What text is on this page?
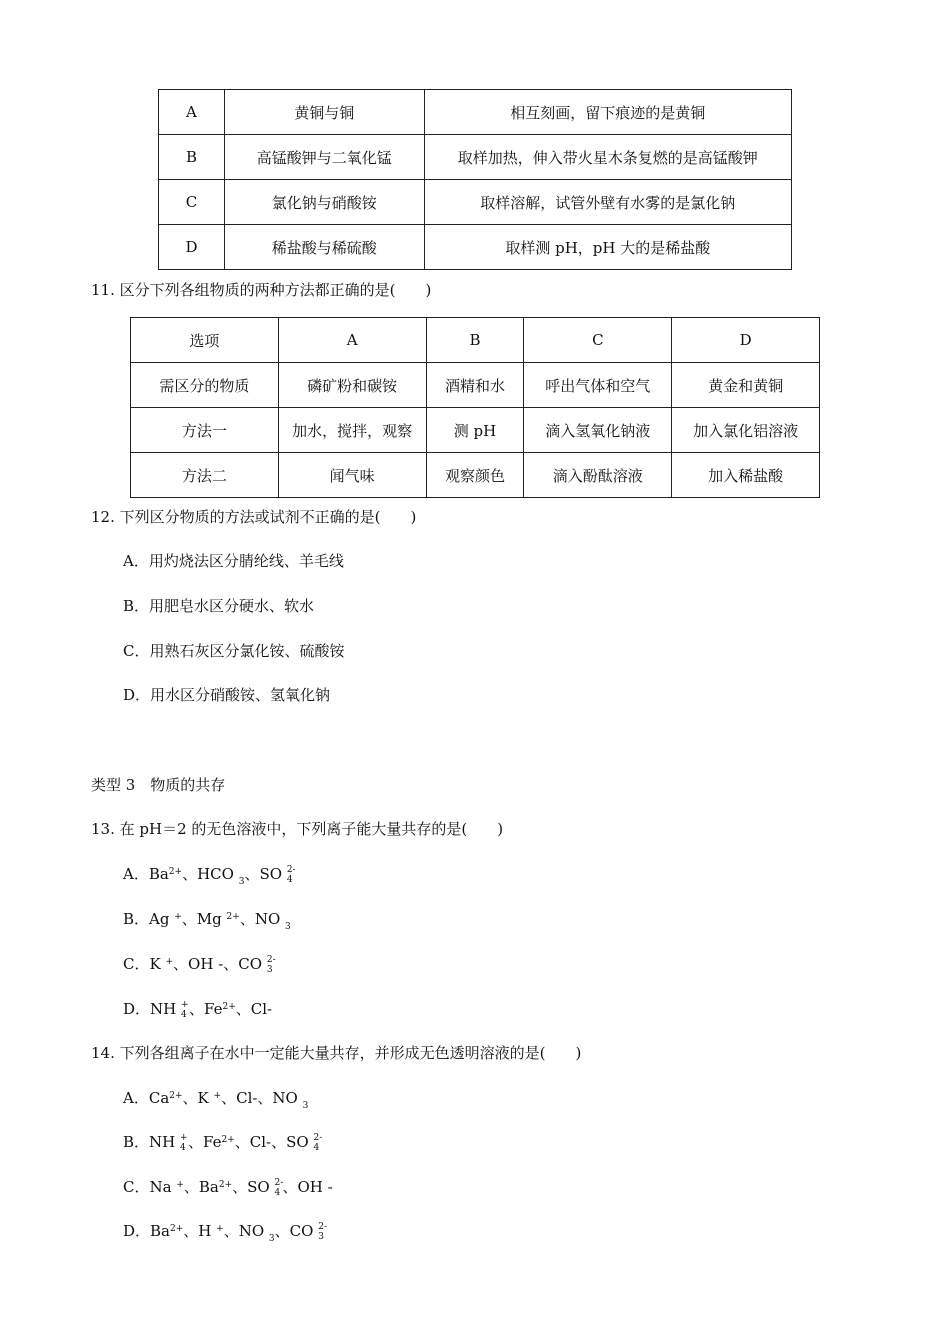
A	黄铜与铜	相互刻画，留下痕迹的是黄铜
B	高锰酸钾与二氧化锰	取样加热，伸入带火星木条复燃的是高锰酸钾
C	氯化钠与硝酸铵	取样溶解，试管外壁有水雾的是氯化钠
D	稀盐酸与稀硫酸	取样测 pH，pH 大的是稀盐酸
11. 区分下列各组物质的两种方法都正确的是(　　)
选项	A	B	C	D
需区分的物质	磷矿粉和碳铵	酒精和水	呼出气体和空气	黄金和黄铜
方法一	加水，搅拌，观察	测 pH	滴入氢氧化钠液	加入氯化铝溶液
方法二	闻气味	观察颜色	滴入酚酞溶液	加入稀盐酸
12. 下列区分物质的方法或试剂不正确的是(　　)
A．用灼烧法区分腈纶线、羊毛线
B．用肥皂水区分硬水、软水
C．用熟石灰区分氯化铵、硫酸铵
D．用水区分硝酸铵、氢氧化钠
类型 3　物质的共存
13. 在 pH＝2 的无色溶液中，下列离子能大量共存的是(　　)
A．$Ba^{2+}$、HCO $_3$、SO 2-
4
B．Ag +、Mg $^{2+}$、NO $_3$
C．K +、OH -、CO 2-
3
D．NH +
4 、$Fe^{2+}$、Cl-
14. 下列各组离子在水中一定能大量共存，并形成无色透明溶液的是(　　)
A．$Ca^{2+}$、K +、Cl-、NO $_3$
B．NH +
4 、$Fe^{2+}$、Cl-、SO 2-
4
C．Na +、$Ba^{2+}$、SO 2-
4 、OH -
D．$Ba^{2+}$、H +、NO $_3$、CO 2-
3
